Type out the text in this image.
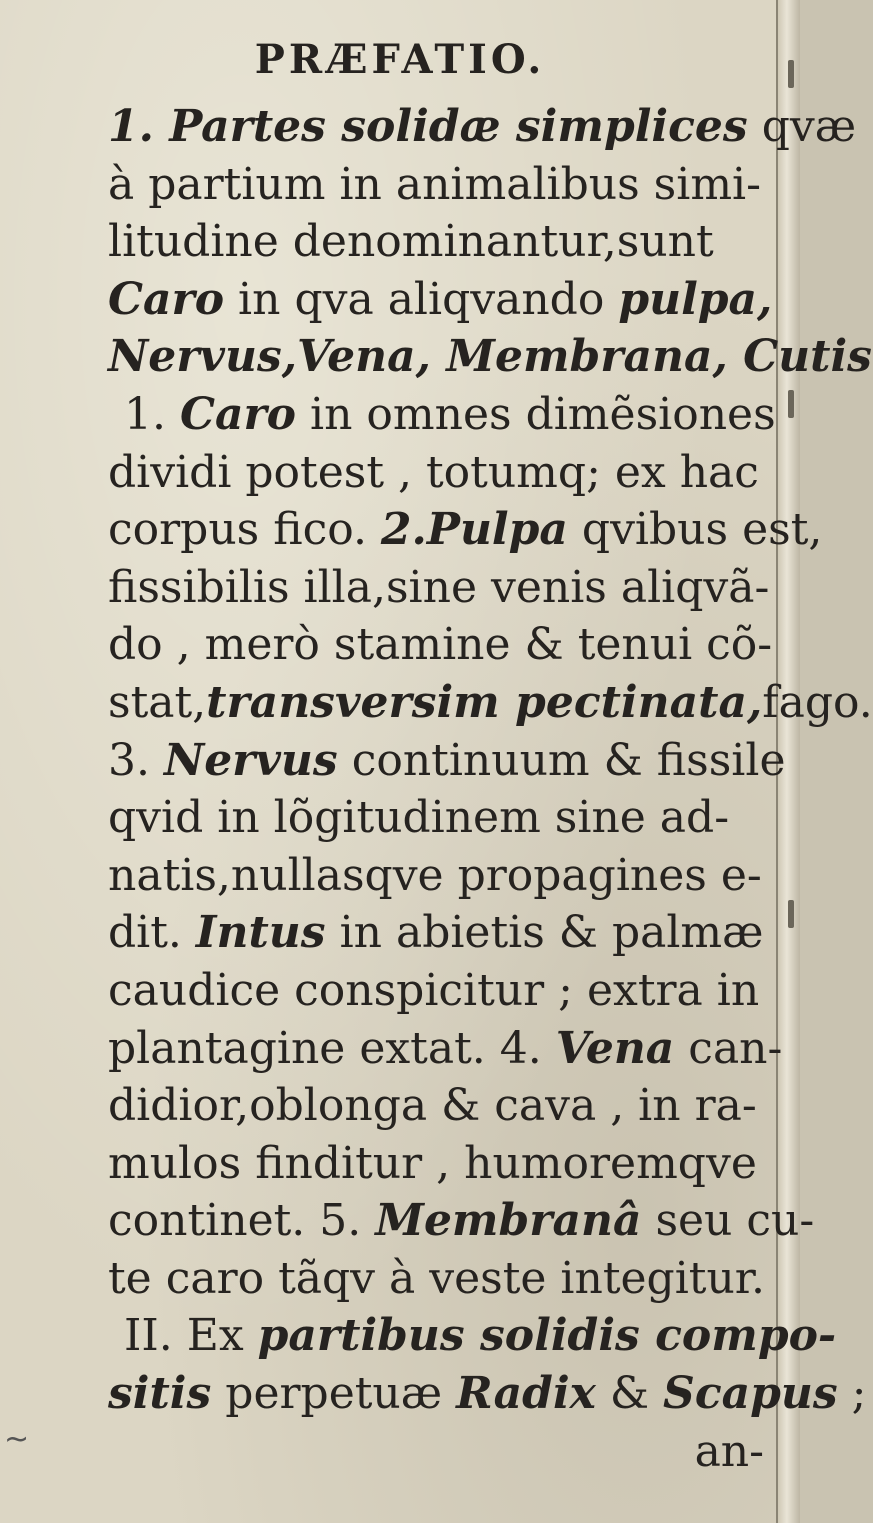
~
PRÆFATIO.
1. Partes solidæ simplices qvæ
à partium in animalibus simi-
litudine denominantur,sunt
Caro in qva aliqvando pulpa,
Nervus,Vena, Membrana, Cutis
1. Caro in omnes dimẽsiones
dividi potest , totumq; ex hac
corpus fico. 2.Pulpa qvibus est,
fissibilis illa,sine venis aliqvã-
do , merò stamine & tenui cõ-
stat,transversim pectinata,fago.
3. Nervus continuum & fissile
qvid in lõgitudinem sine ad-
natis,nullasqve propagines e-
dit. Intus in abietis & palmæ
caudice conspicitur ; extra in
plantagine extat. 4. Vena can-
didior,oblonga & cava , in ra-
mulos finditur , humoremqve
continet. 5. Membranâ seu cu-
te caro tãqv à veste integitur.
II. Ex partibus solidis compo-
sitis perpetuæ Radix & Scapus ;
an-
